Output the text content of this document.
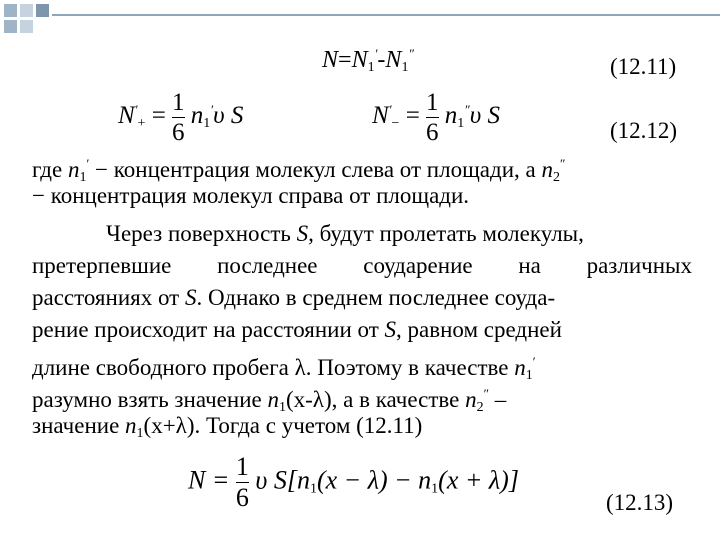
$N=N_1'-N_1''$
(12.11)
$N'_+ = \frac{1}{6} n_1'\upsilon$ S	$N'_- = \frac{1}{6} n_1''\upsilon$ S
(12.12)
где $n_1'$ − концентрация молекул слева от площади, а $n_2''$
− концентрация молекул справа от площади.
Через поверхность S, будут пролетать молекулы,
претерпевшие последнее соударение на различных
расстояниях от S. Однако в среднем последнее соуда-
рение происходит на расстоянии от S, равном средней
длине свободного пробега λ. Поэтому в качестве $n_1'$
разумно взять значение $n_1(x-\lambda)$, а в качестве $n_2''$ –
значение $n_1(x+\lambda)$. Тогда с учетом (12.11)
$N = \frac{1}{6}$ υ $S[n_1(x - \lambda) - n_1(x + \lambda)]$
(12.13)
